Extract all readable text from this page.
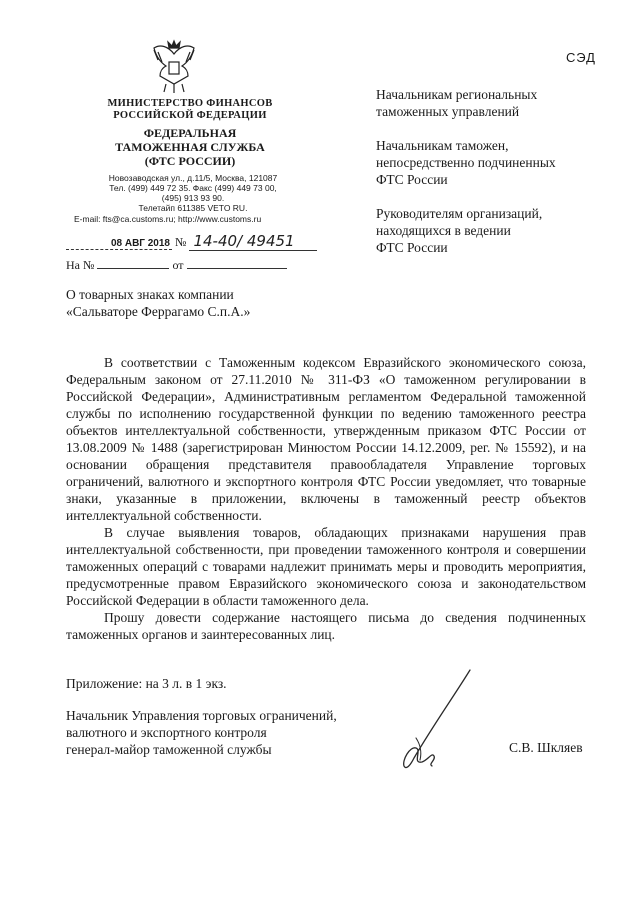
СЭД
МИНИСТЕРСТВО ФИНАНСОВ
РОССИЙСКОЙ ФЕДЕРАЦИИ
ФЕДЕРАЛЬНАЯ
ТАМОЖЕННАЯ СЛУЖБА
(ФТС РОССИИ)
Новозаводская ул., д.11/5, Москва, 121087
Тел. (499) 449 72 35. Факс (499) 449 73 00,
(495) 913 93 90.
Телетайп 611385 VETO RU.
E-mail: fts@ca.customs.ru; http://www.customs.ru
08 АВГ 2018 № 14-40/ 49451
На №	от
Начальникам региональных
таможенных управлений
Начальникам таможен,
непосредственно подчиненных
ФТС России
Руководителям организаций,
находящихся в ведении
ФТС России
О товарных знаках компании
«Сальваторе Феррагамо С.п.А.»

В соответствии с Таможенным кодексом Евразийского экономического союза, Федеральным законом от 27.11.2010 № 311-ФЗ «О таможенном регулировании в Российской Федерации», Административным регламентом Федеральной таможенной службы по исполнению государственной функции по ведению таможенного реестра объектов интеллектуальной собственности, утвержденным приказом ФТС России от 13.08.2009 № 1488 (зарегистрирован Минюстом России 14.12.2009, рег. № 15592), и на основании обращения представителя правообладателя Управление торговых ограничений, валютного и экспортного контроля ФТС России уведомляет, что товарные знаки, указанные в приложении, включены в таможенный реестр объектов интеллектуальной собственности.

В случае выявления товаров, обладающих признаками нарушения прав интеллектуальной собственности, при проведении таможенного контроля и совершении таможенных операций с товарами надлежит принимать меры и проводить мероприятия, предусмотренные правом Евразийского экономического союза и законодательством Российской Федерации в области таможенного дела.

Прошу довести содержание настоящего письма до сведения подчиненных таможенных органов и заинтересованных лиц.

Приложение: на 3 л. в 1 экз.
Начальник Управления торговых ограничений,
валютного и экспортного контроля
генерал-майор таможенной службы	С.В. Шкляев
